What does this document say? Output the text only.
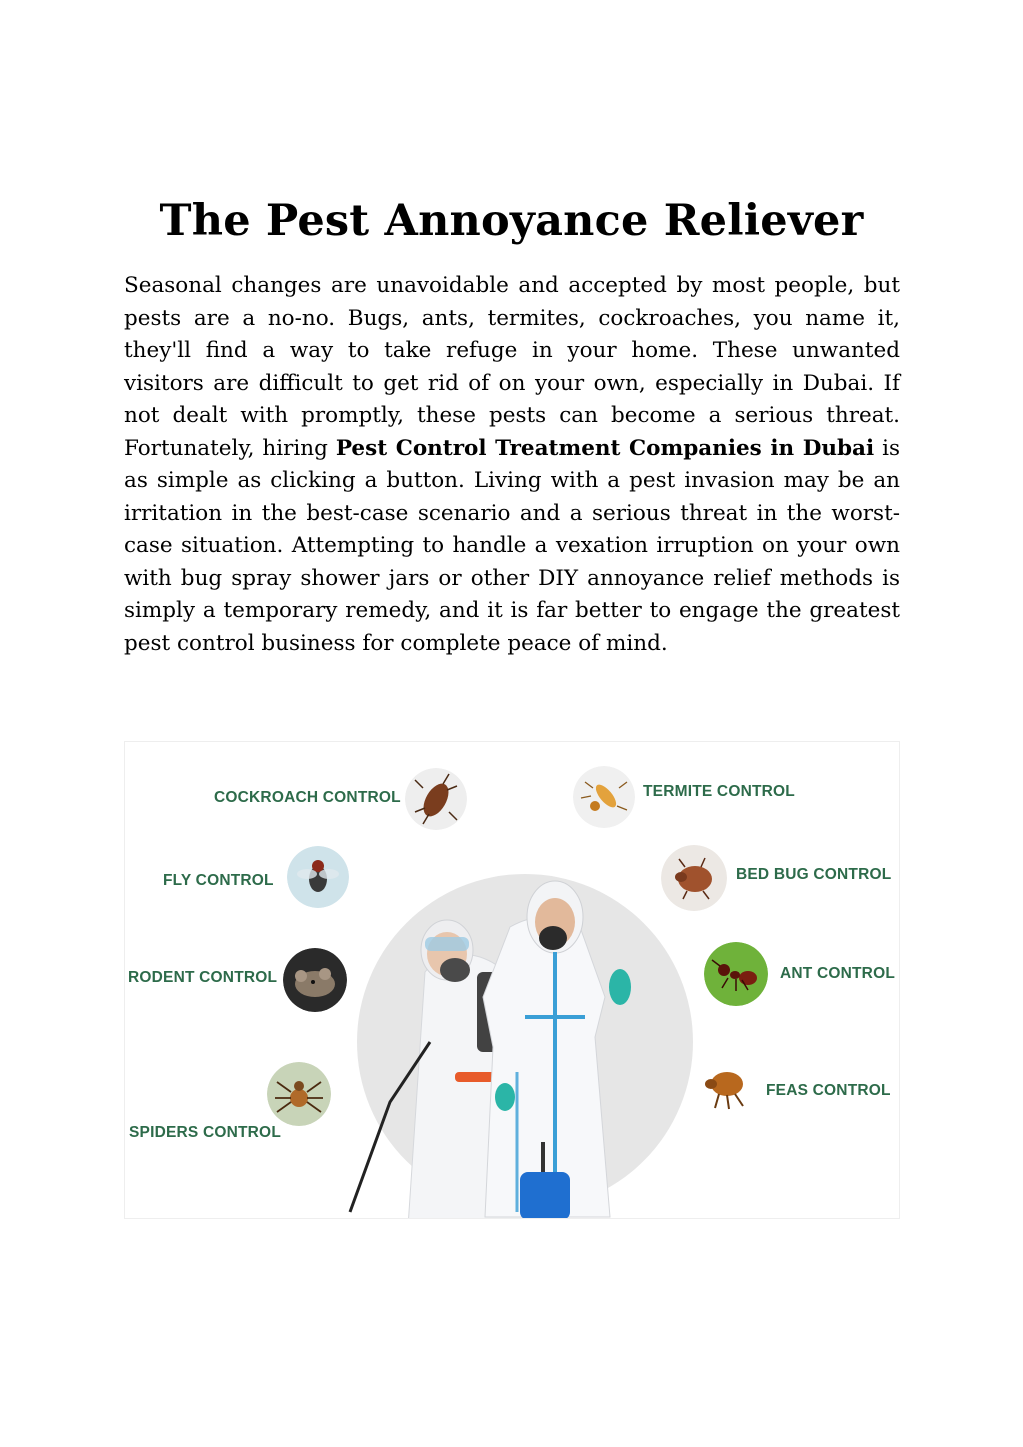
The Pest Annoyance Reliever

Seasonal changes are unavoidable and accepted by most people, but pests are a no-no. Bugs, ants, termites, cockroaches, you name it, they'll find a way to take refuge in your home. These unwanted visitors are difficult to get rid of on your own, especially in Dubai. If not dealt with promptly, these pests can become a serious threat. Fortunately, hiring Pest Control Treatment Companies in Dubai is as simple as clicking a button. Living with a pest invasion may be an irritation in the best-case scenario and a serious threat in the worst-case situation. Attempting to handle a vexation irruption on your own with bug spray shower jars or other DIY annoyance relief methods is simply a temporary remedy, and it is far better to engage the greatest pest control business for complete peace of mind.

COCKROACH CONTROL	TERMITE CONTROL
FLY CONTROL	BED BUG CONTROL
RODENT CONTROL	ANT CONTROL
SPIDERS CONTROL
FEAS CONTROL
